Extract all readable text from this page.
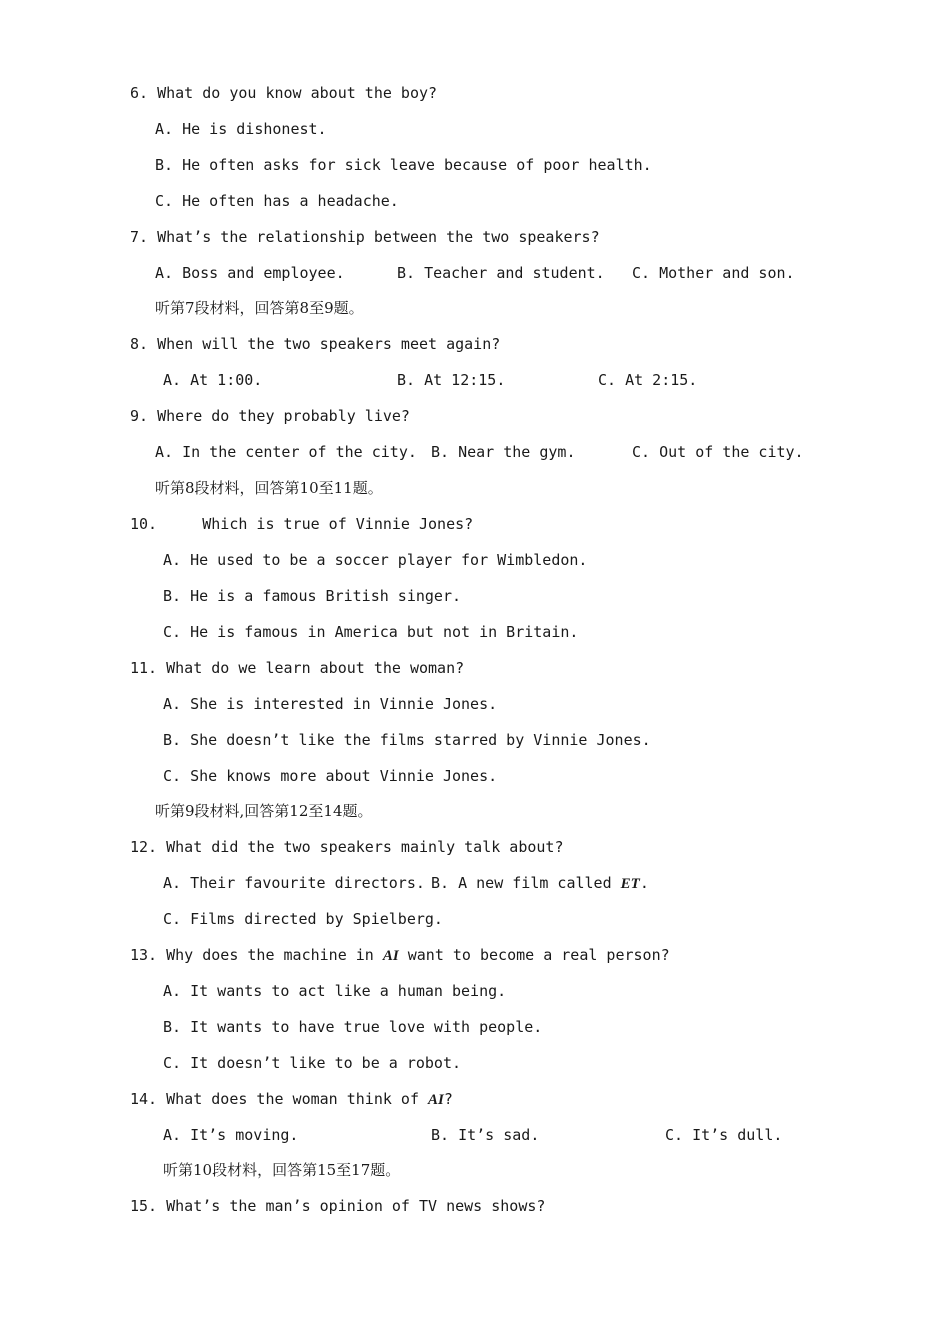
6. What do you know about the boy?
A. He is dishonest.
B. He often asks for sick leave because of poor health.
C. He often has a headache.
7. What’s the relationship between the two speakers?
A. Boss and employee.	B. Teacher and student. C. Mother and son.
听第7段材料，回答第8至9题。
8. When will the two speakers meet again?
A. At 1:00.	B. At 12:15.	C. At 2:15.
9. Where do they probably live?
A. In the center of the city. B. Near the gym.	C. Out of the city.
听第8段材料，回答第10至11题。
10.     Which is true of Vinnie Jones?
A. He used to be a soccer player for Wimbledon.
B. He is a famous British singer.
C. He is famous in America but not in Britain.
11. What do we learn about the woman?
A. She is interested in Vinnie Jones.
B. She doesn’t like the films starred by Vinnie Jones.
C. She knows more about Vinnie Jones.
听第9段材料,回答第12至14题。
12. What did the two speakers mainly talk about?
A. Their favourite directors. B. A new film called ET.
C. Films directed by Spielberg.
13. Why does the machine in AI want to become a real person?
A. It wants to act like a human being.
B. It wants to have true love with people.
C. It doesn’t like to be a robot.
14. What does the woman think of AI?
A. It’s moving.	B. It’s sad.	C. It’s dull.
听第10段材料，回答第15至17题。
15. What’s the man’s opinion of TV news shows?
